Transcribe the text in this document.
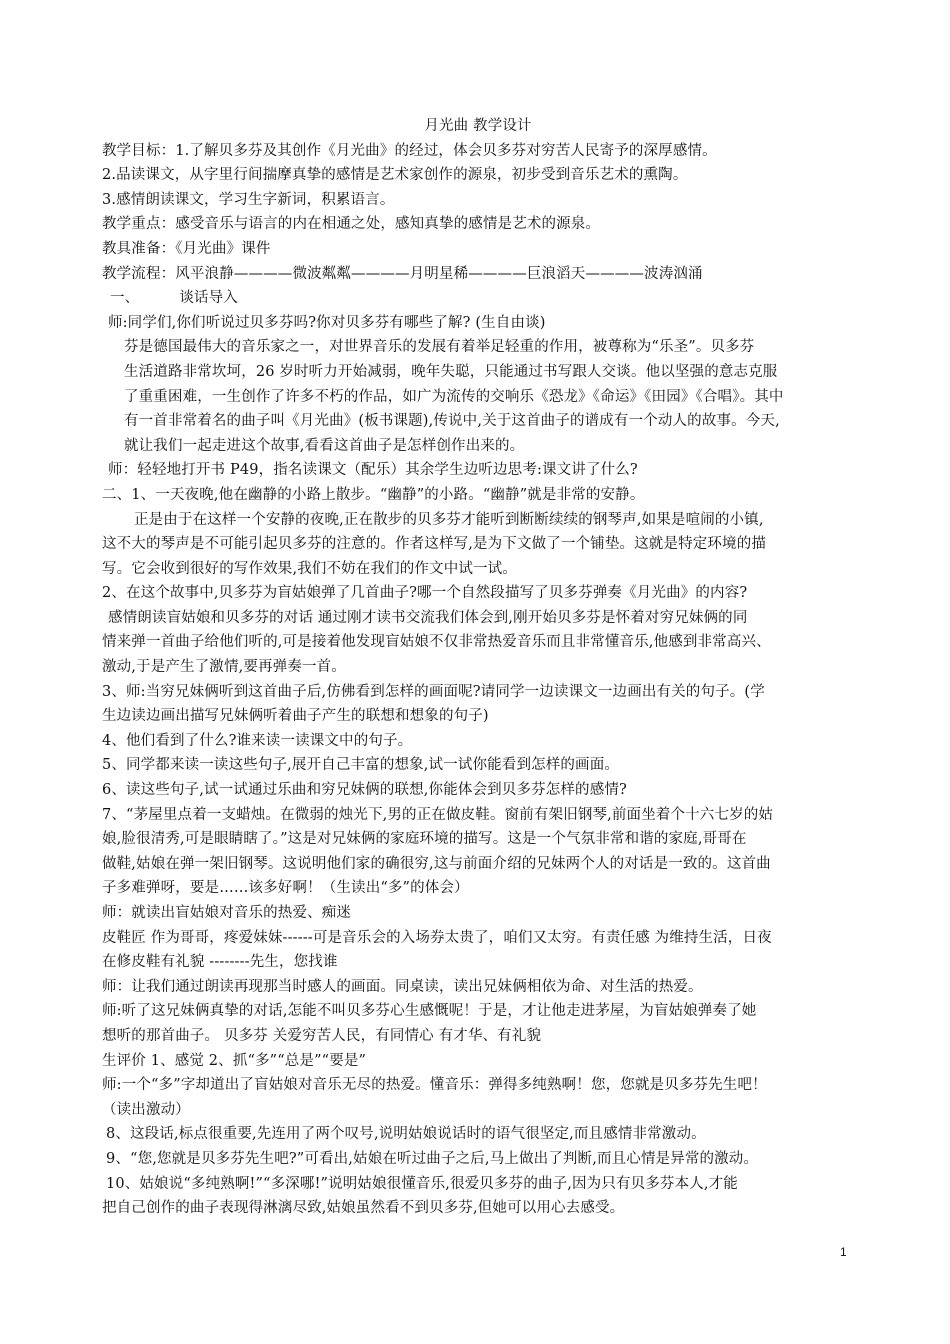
月光曲 教学设计
教学目标：1.了解贝多芬及其创作《月光曲》的经过，体会贝多芬对穷苦人民寄予的深厚感情。
2.品读课文，从字里行间揣摩真挚的感情是艺术家创作的源泉，初步受到音乐艺术的熏陶。
3.感情朗读课文，学习生字新词，积累语言。
教学重点：感受音乐与语言的内在相通之处，感知真挚的感情是艺术的源泉。
教具准备：《月光曲》课件
教学流程：风平浪静————微波粼粼————月明星稀————巨浪滔天————波涛汹涌
一、	谈话导入
师:同学们,你们听说过贝多芬吗?你对贝多芬有哪些了解? (生自由谈)
芬是德国最伟大的音乐家之一，对世界音乐的发展有着举足轻重的作用，被尊称为“乐圣”。贝多芬
生活道路非常坎坷，26 岁时听力开始减弱，晚年失聪，只能通过书写跟人交谈。他以坚强的意志克服
了重重困难，一生创作了许多不朽的作品，如广为流传的交响乐《恐龙》《命运》《田园》《合唱》。其中
有一首非常着名的曲子叫《月光曲》(板书课题),传说中,关于这首曲子的谱成有一个动人的故事。今天,
就让我们一起走进这个故事,看看这首曲子是怎样创作出来的。
师：轻轻地打开书 P49，指名读课文（配乐）其余学生边听边思考:课文讲了什么?
二、1、一天夜晚,他在幽静的小路上散步。“幽静”的小路。“幽静”就是非常的安静。
正是由于在这样一个安静的夜晚,正在散步的贝多芬才能听到断断续续的钢琴声,如果是喧闹的小镇,
这不大的琴声是不可能引起贝多芬的注意的。作者这样写,是为下文做了一个铺垫。这就是特定环境的描
写。它会收到很好的写作效果,我们不妨在我们的作文中试一试。
2、在这个故事中,贝多芬为盲姑娘弹了几首曲子?哪一个自然段描写了贝多芬弹奏《月光曲》的内容?
感情朗读盲姑娘和贝多芬的对话 通过刚才读书交流我们体会到,刚开始贝多芬是怀着对穷兄妹俩的同
情来弹一首曲子给他们听的,可是接着他发现盲姑娘不仅非常热爱音乐而且非常懂音乐,他感到非常高兴、
激动,于是产生了激情,要再弹奏一首。
3、师:当穷兄妹俩听到这首曲子后,仿佛看到怎样的画面呢?请同学一边读课文一边画出有关的句子。(学
生边读边画出描写兄妹俩听着曲子产生的联想和想象的句子)
4、他们看到了什么?谁来读一读课文中的句子。
5、同学都来读一读这些句子,展开自己丰富的想象,试一试你能看到怎样的画面。
6、读这些句子,试一试通过乐曲和穷兄妹俩的联想,你能体会到贝多芬怎样的感情?
7、“茅屋里点着一支蜡烛。在微弱的烛光下,男的正在做皮鞋。窗前有架旧钢琴,前面坐着个十六七岁的姑
娘,脸很清秀,可是眼睛瞎了。”这是对兄妹俩的家庭环境的描写。这是一个气氛非常和谐的家庭,哥哥在
做鞋,姑娘在弹一架旧钢琴。这说明他们家的确很穷,这与前面介绍的兄妹两个人的对话是一致的。这首曲
子多难弹呀，要是……该多好啊！（生读出“多”的体会）
师：就读出盲姑娘对音乐的热爱、痴迷
皮鞋匠 作为哥哥，疼爱妹妹------可是音乐会的入场券太贵了，咱们又太穷。有责任感 为维持生活，日夜
在修皮鞋有礼貌 --------先生，您找谁
师：让我们通过朗读再现那当时感人的画面。同桌读，读出兄妹俩相依为命、对生活的热爱。
师:听了这兄妹俩真挚的对话,怎能不叫贝多芬心生感慨呢！于是，才让他走进茅屋，为盲姑娘弹奏了她
想听的那首曲子。 贝多芬 关爱穷苦人民，有同情心 有才华、有礼貌
生评价 1、感觉 2、抓“多”“总是”“要是”
师:一个“多”字却道出了盲姑娘对音乐无尽的热爱。懂音乐：弹得多纯熟啊！您，您就是贝多芬先生吧！
（读出激动）
8、这段话,标点很重要,先连用了两个叹号,说明姑娘说话时的语气很坚定,而且感情非常激动。
9、“您,您就是贝多芬先生吧?”可看出,姑娘在听过曲子之后,马上做出了判断,而且心情是异常的激动。
10、姑娘说“多纯熟啊!”“多深哪!”说明姑娘很懂音乐,很爱贝多芬的曲子,因为只有贝多芬本人,才能
把自己创作的曲子表现得淋漓尽致,姑娘虽然看不到贝多芬,但她可以用心去感受。
1
